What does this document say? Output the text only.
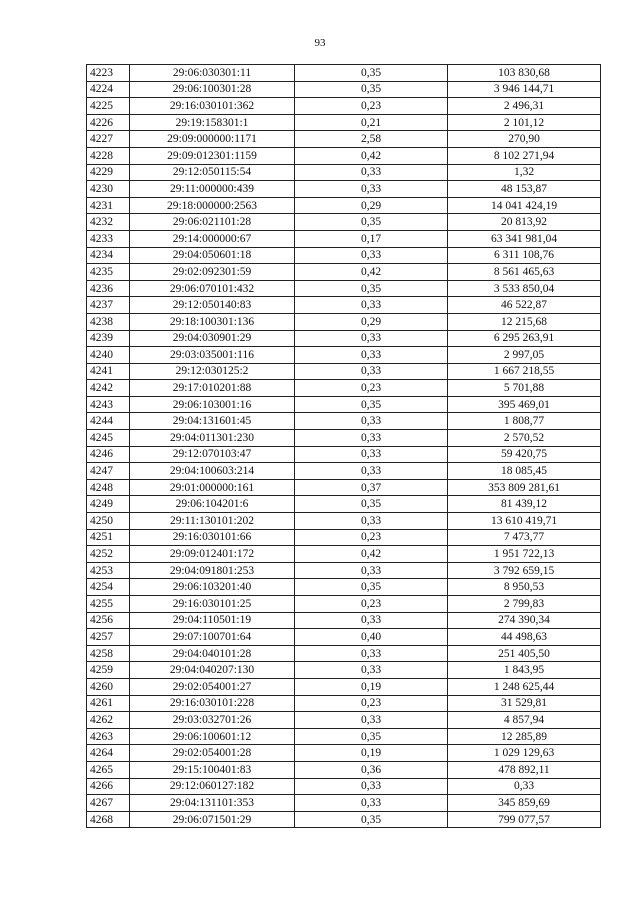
93
4223	29:06:030301:11	0,35	103 830,68
4224	29:06:100301:28	0,35	3 946 144,71
4225	29:16:030101:362	0,23	2 496,31
4226	29:19:158301:1	0,21	2 101,12
4227	29:09:000000:1171	2,58	270,90
4228	29:09:012301:1159	0,42	8 102 271,94
4229	29:12:050115:54	0,33	1,32
4230	29:11:000000:439	0,33	48 153,87
4231	29:18:000000:2563	0,29	14 041 424,19
4232	29:06:021101:28	0,35	20 813,92
4233	29:14:000000:67	0,17	63 341 981,04
4234	29:04:050601:18	0,33	6 311 108,76
4235	29:02:092301:59	0,42	8 561 465,63
4236	29:06:070101:432	0,35	3 533 850,04
4237	29:12:050140:83	0,33	46 522,87
4238	29:18:100301:136	0,29	12 215,68
4239	29:04:030901:29	0,33	6 295 263,91
4240	29:03:035001:116	0,33	2 997,05
4241	29:12:030125:2	0,33	1 667 218,55
4242	29:17:010201:88	0,23	5 701,88
4243	29:06:103001:16	0,35	395 469,01
4244	29:04:131601:45	0,33	1 808,77
4245	29:04:011301:230	0,33	2 570,52
4246	29:12:070103:47	0,33	59 420,75
4247	29:04:100603:214	0,33	18 085,45
4248	29:01:000000:161	0,37	353 809 281,61
4249	29:06:104201:6	0,35	81 439,12
4250	29:11:130101:202	0,33	13 610 419,71
4251	29:16:030101:66	0,23	7 473,77
4252	29:09:012401:172	0,42	1 951 722,13
4253	29:04:091801:253	0,33	3 792 659,15
4254	29:06:103201:40	0,35	8 950,53
4255	29:16:030101:25	0,23	2 799,83
4256	29:04:110501:19	0,33	274 390,34
4257	29:07:100701:64	0,40	44 498,63
4258	29:04:040101:28	0,33	251 405,50
4259	29:04:040207:130	0,33	1 843,95
4260	29:02:054001:27	0,19	1 248 625,44
4261	29:16:030101:228	0,23	31 529,81
4262	29:03:032701:26	0,33	4 857,94
4263	29:06:100601:12	0,35	12 285,89
4264	29:02:054001:28	0,19	1 029 129,63
4265	29:15:100401:83	0,36	478 892,11
4266	29:12:060127:182	0,33	0,33
4267	29:04:131101:353	0,33	345 859,69
4268	29:06:071501:29	0,35	799 077,57
